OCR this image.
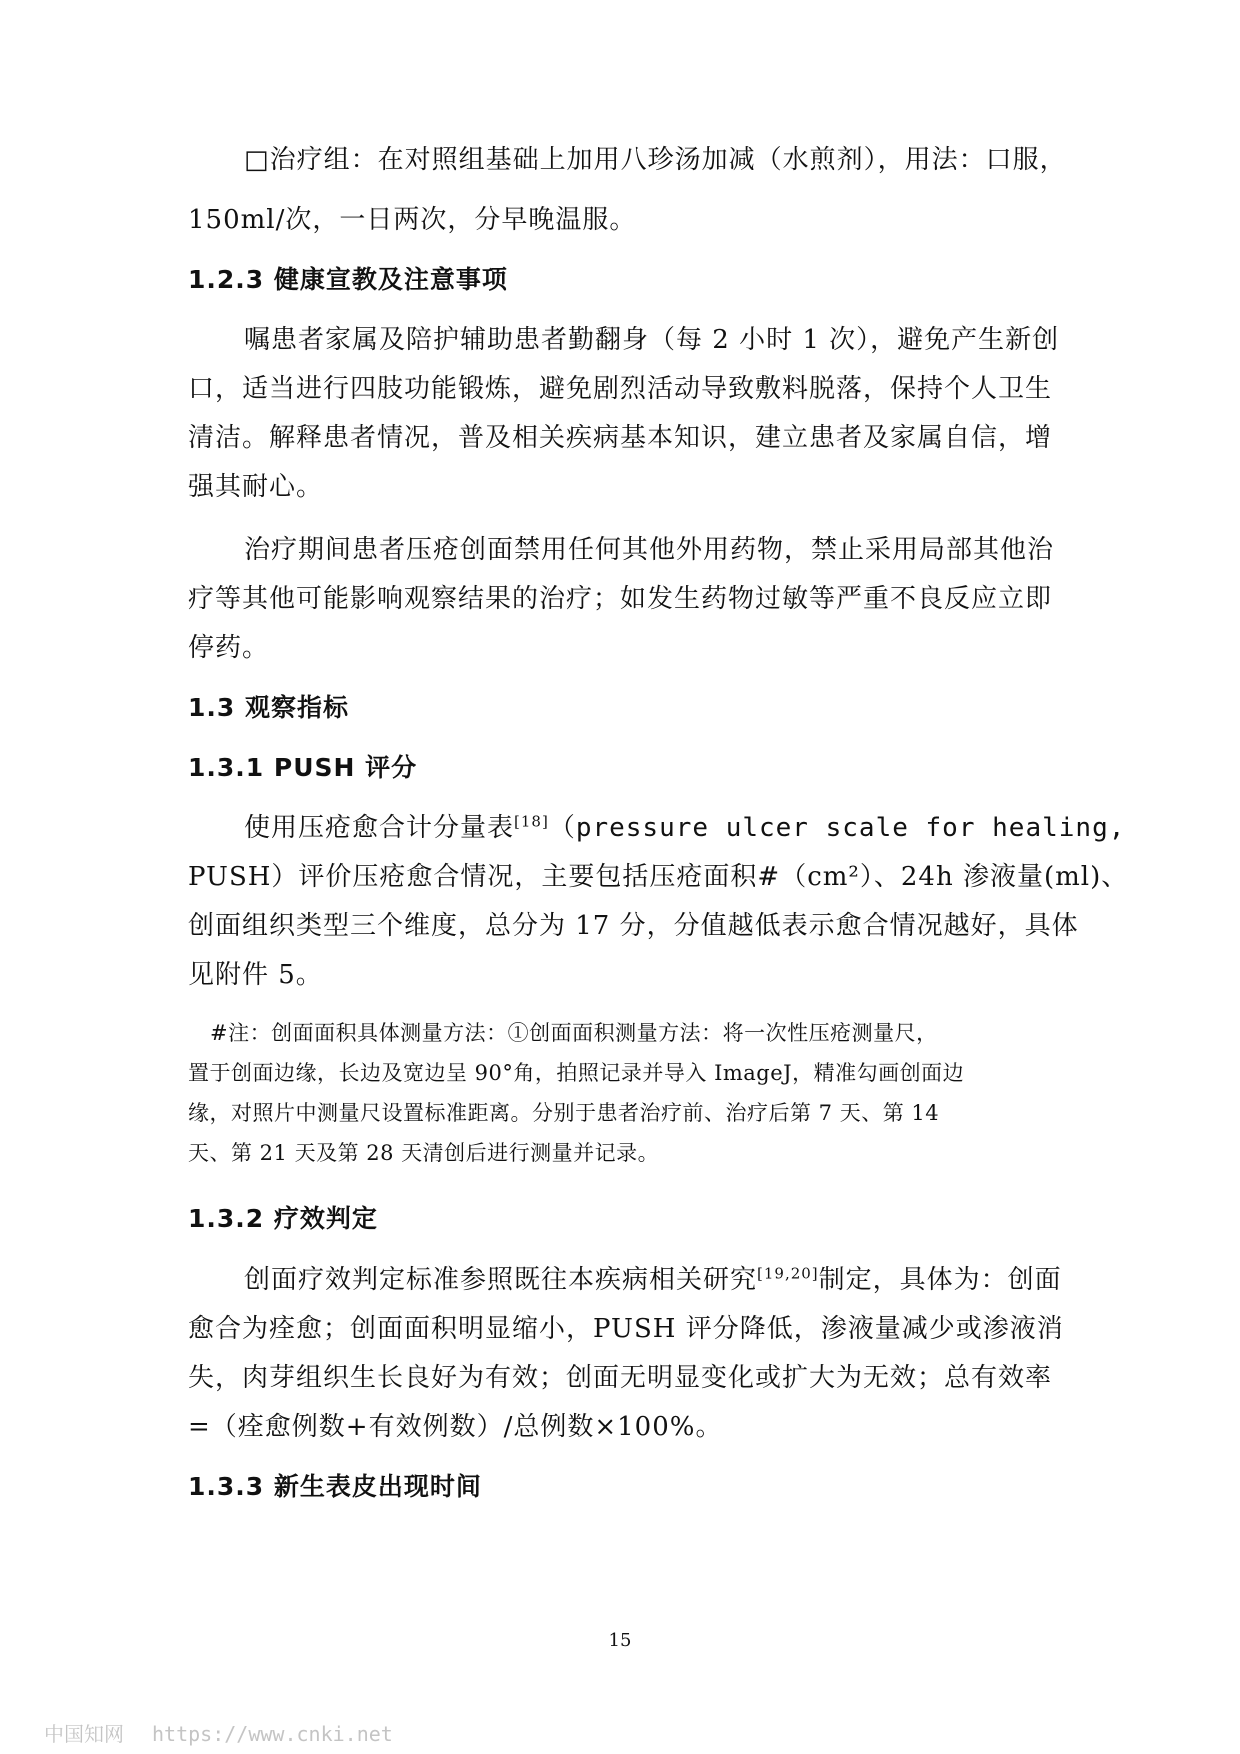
□治疗组：在对照组基础上加用八珍汤加减（水煎剂），用法：口服，
150ml/次，一日两次，分早晚温服。
1.2.3 健康宣教及注意事项
嘱患者家属及陪护辅助患者勤翻身（每 2 小时 1 次），避免产生新创
口，适当进行四肢功能锻炼，避免剧烈活动导致敷料脱落，保持个人卫生
清洁。解释患者情况，普及相关疾病基本知识，建立患者及家属自信，增
强其耐心。
治疗期间患者压疮创面禁用任何其他外用药物，禁止采用局部其他治
疗等其他可能影响观察结果的治疗；如发生药物过敏等严重不良反应立即
停药。
1.3 观察指标
1.3.1 PUSH 评分
使用压疮愈合计分量表[18]（pressure ulcer scale for healing,
PUSH）评价压疮愈合情况，主要包括压疮面积#（cm²）、24h 渗液量(ml)、
创面组织类型三个维度，总分为 17 分，分值越低表示愈合情况越好，具体
见附件 5。
#注：创面面积具体测量方法：①创面面积测量方法：将一次性压疮测量尺，
置于创面边缘，长边及宽边呈 90°角，拍照记录并导入 ImageJ，精准勾画创面边
缘，对照片中测量尺设置标准距离。分别于患者治疗前、治疗后第 7 天、第 14
天、第 21 天及第 28 天清创后进行测量并记录。
1.3.2 疗效判定
创面疗效判定标准参照既往本疾病相关研究[19,20]制定，具体为：创面
愈合为痊愈；创面面积明显缩小，PUSH 评分降低，渗液量减少或渗液消
失，肉芽组织生长良好为有效；创面无明显变化或扩大为无效；总有效率
=（痊愈例数+有效例数）/总例数×100%。
1.3.3 新生表皮出现时间
15
中国知网 https://www.cnki.net
